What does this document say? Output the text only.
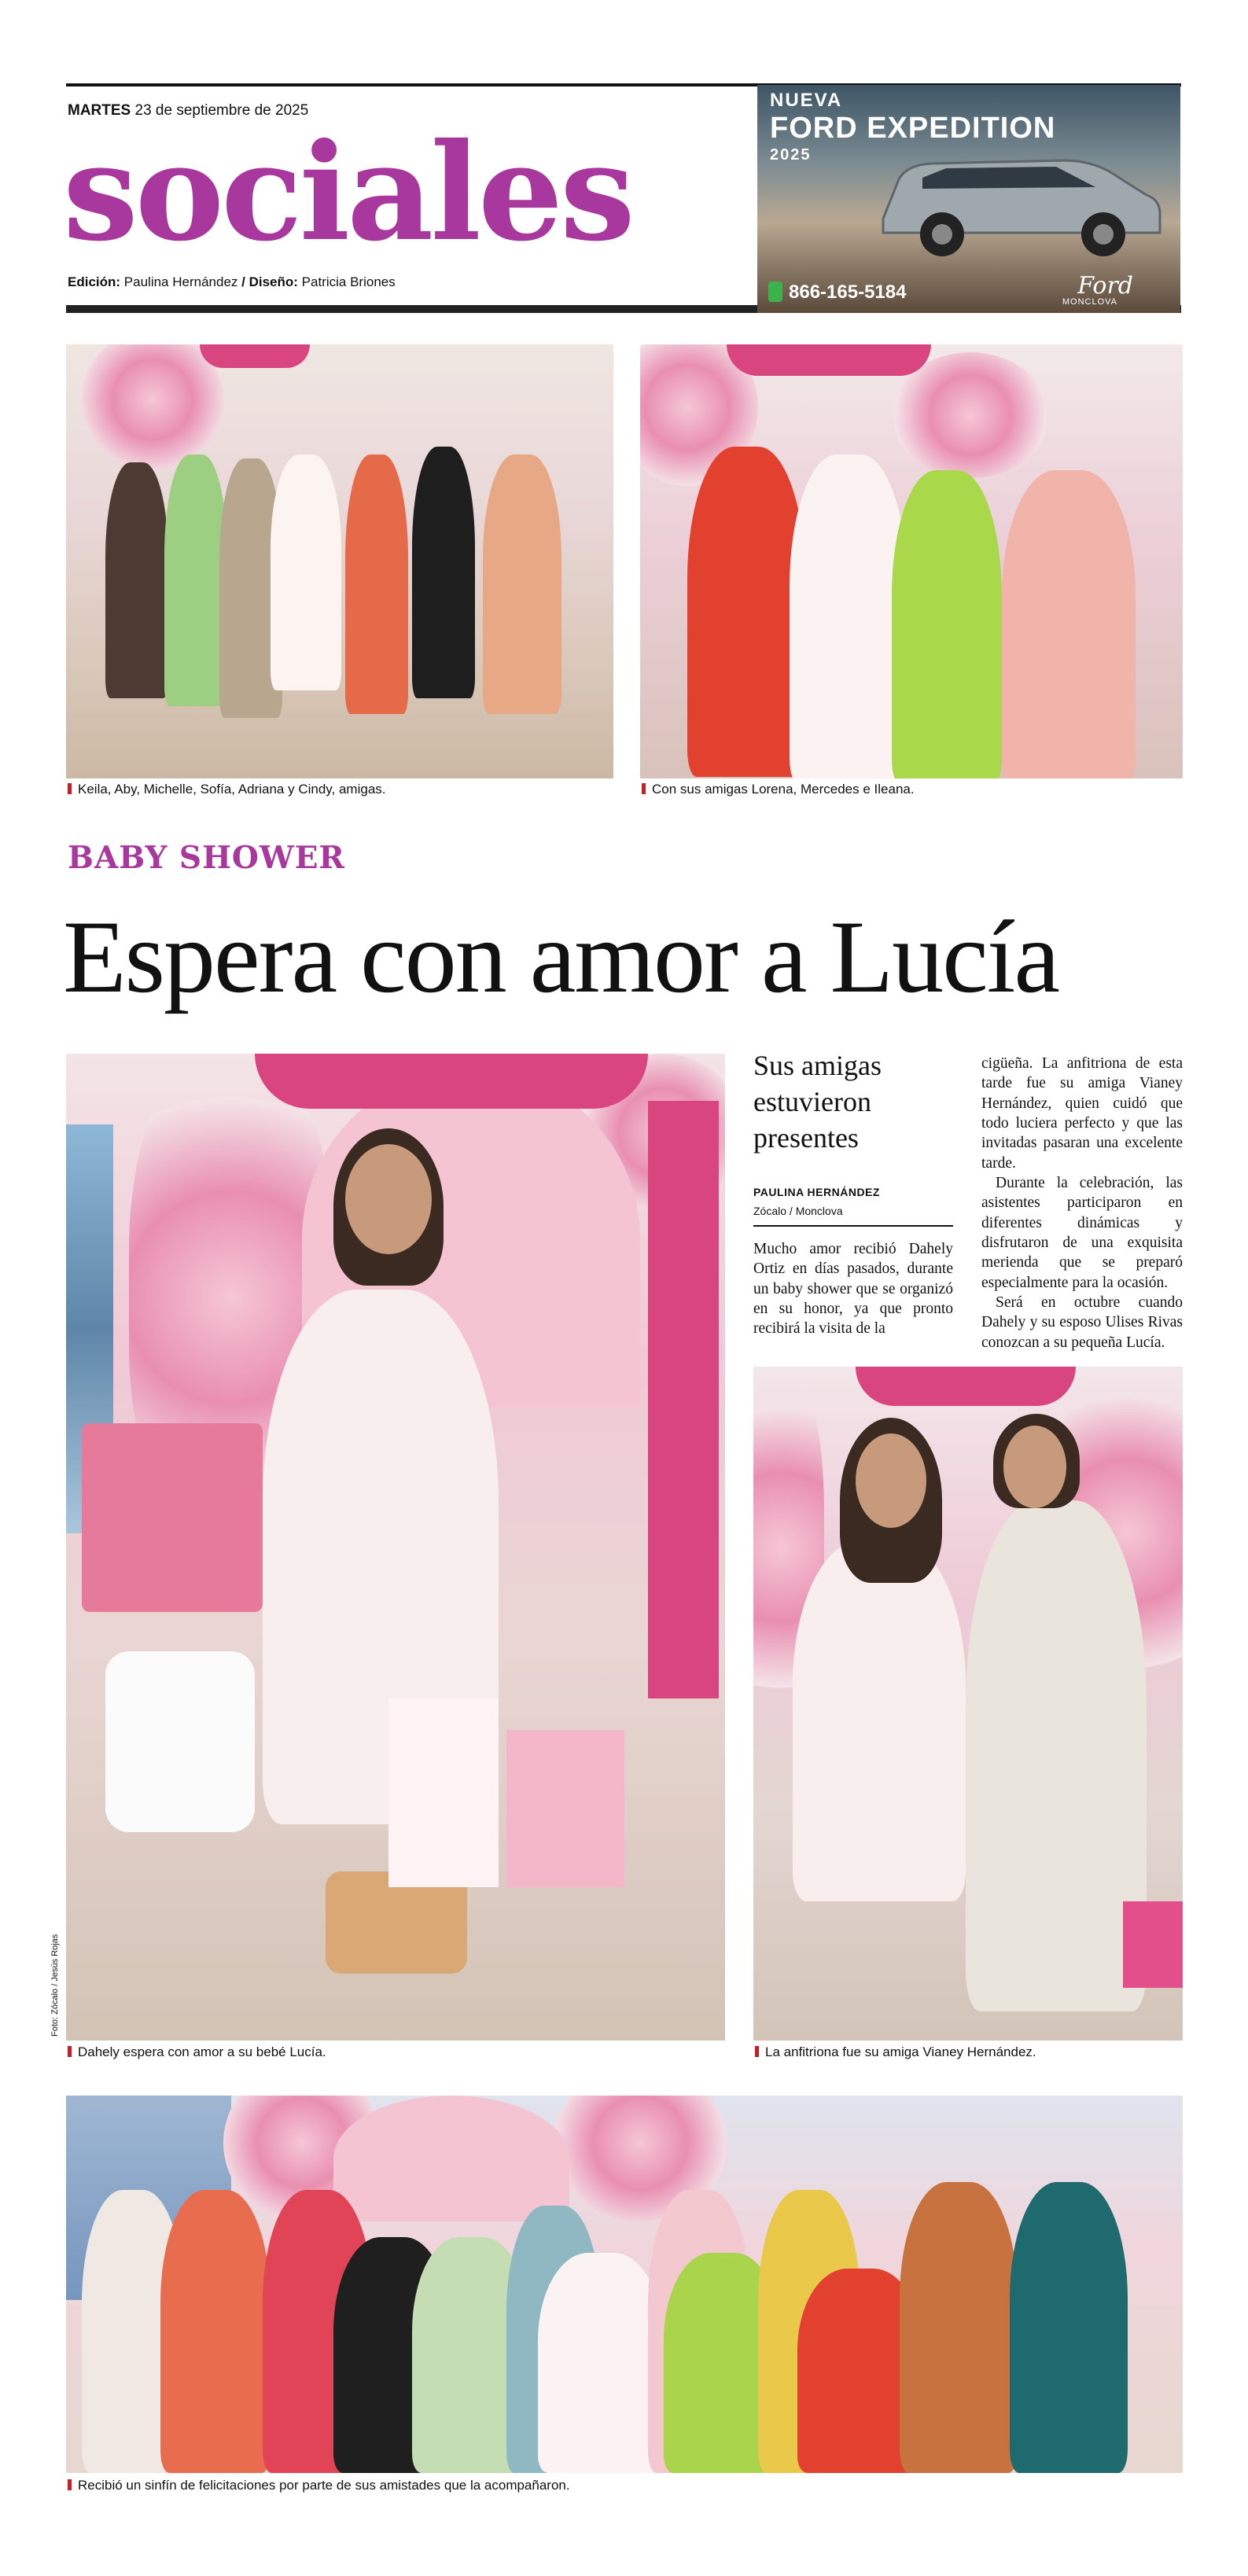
MARTES 23 de septiembre de 2025
sociales
Edición: Paulina Hernández / Diseño: Patricia Briones
NUEVA
FORD EXPEDITION
2025
866-165-5184	Ford
MONCLOVA
Keila, Aby, Michelle, Sofía, Adriana y Cindy, amigas.	Con sus amigas Lorena, Mercedes e Ileana.
BABY SHOWER
Espera con amor a Lucía
Foto: Zócalo / Jesús Rojas
Dahely espera con amor a su bebé Lucía.
Sus amigas estuvieron presentes
PAULINA HERNÁNDEZ
Zócalo / Monclova

Mucho amor recibió Dahely Ortiz en días pasados, durante un baby shower que se organizó en su honor, ya que pronto recibirá la visita de la

cigüeña. La anfitriona de esta tarde fue su amiga Vianey Hernández, quien cuidó que todo luciera perfecto y que las invitadas pasaran una excelente tarde.

Durante la celebración, las asistentes participaron en diferentes dinámicas y disfrutaron de una exquisita merienda que se preparó especialmente para la ocasión.

Será en octubre cuando Dahely y su esposo Ulises Rivas conozcan a su pequeña Lucía.

La anfitriona fue su amiga Vianey Hernández.
Recibió un sinfín de felicitaciones por parte de sus amistades que la acompañaron.
